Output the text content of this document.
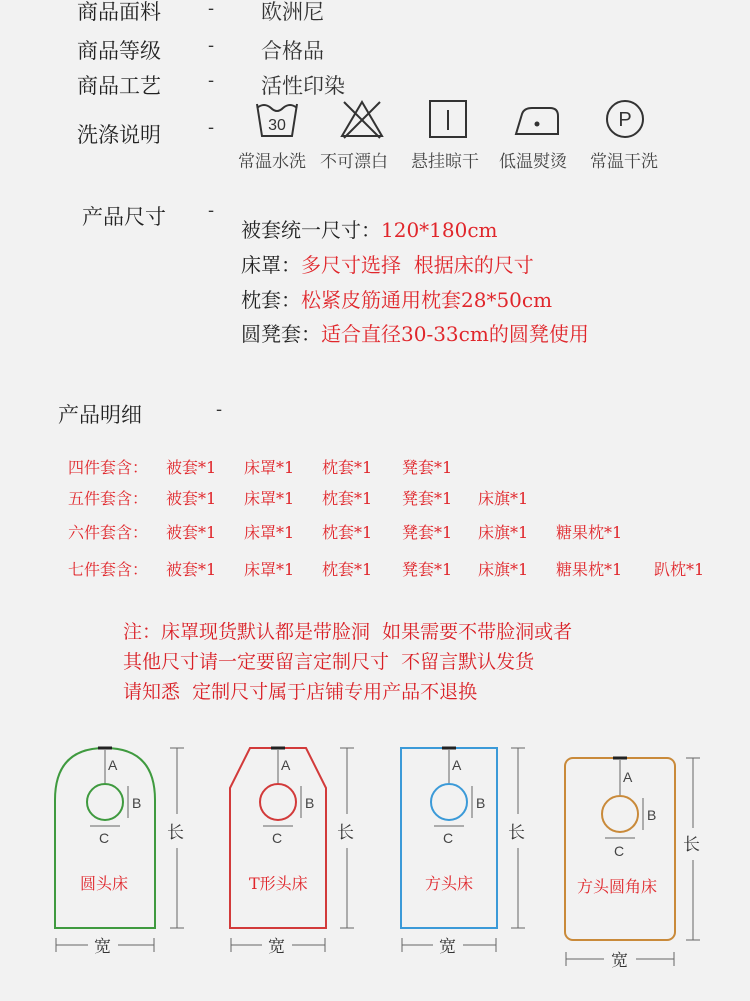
商品面料	- 欧洲尼
商品等级	- 合格品
商品工艺	- 活性印染
洗涤说明	-	30	P
常温水洗 不可漂白 悬挂晾干 低温熨烫 常温干洗
产品尺寸 -
被套统一尺寸：120*180cm
床罩：多尺寸选择  根据床的尺寸
枕套：松紧皮筋通用枕套28*50cm
圆凳套：适合直径30-33cm的圆凳使用
产品明细	-
四件套含： 被套*1 床罩*1 枕套*1 凳套*1
五件套含： 被套*1 床罩*1 枕套*1 凳套*1 床旗*1
六件套含： 被套*1 床罩*1 枕套*1 凳套*1 床旗*1 糖果枕*1
七件套含： 被套*1 床罩*1 枕套*1 凳套*1 床旗*1 糖果枕*1 趴枕*1
注：床罩现货默认都是带脸洞  如果需要不带脸洞或者
其他尺寸请一定要留言定制尺寸  不留言默认发货
请知悉  定制尺寸属于店铺专用产品不退换
A
B
C
圆头床
长
宽
A
B
C
T形头床
长
宽
A
B
C
方头床
长
宽
A
B
C
方头圆角床
长
宽
